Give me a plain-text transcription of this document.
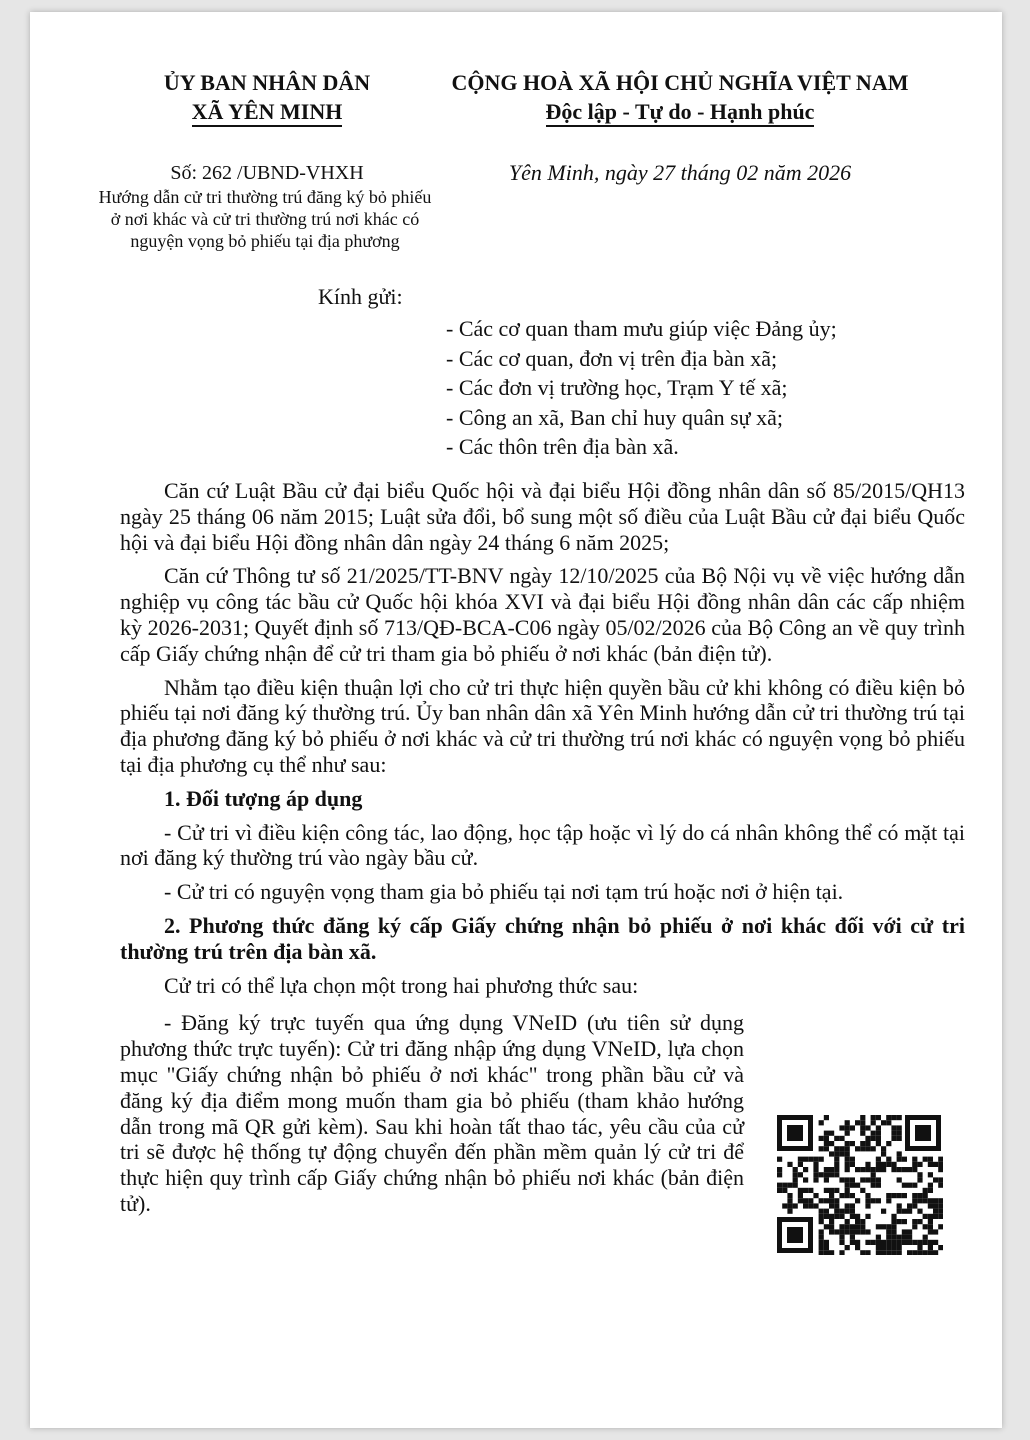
ỦY BAN NHÂN DÂN
XÃ YÊN MINH
CỘNG HOÀ XÃ HỘI CHỦ NGHĨA VIỆT NAM
Độc lập - Tự do - Hạnh phúc
Số: 262 /UBND-VHXH
Hướng dẫn cử tri thường trú đăng ký bỏ phiếu
ở nơi khác và cử tri thường trú nơi khác có
nguyện vọng bỏ phiếu tại địa phương
Yên Minh, ngày 27 tháng 02 năm 2026
Kính gửi:
- Các cơ quan tham mưu giúp việc Đảng ủy;
- Các cơ quan, đơn vị trên địa bàn xã;
- Các đơn vị trường học, Trạm Y tế xã;
- Công an xã, Ban chỉ huy quân sự xã;
- Các thôn trên địa bàn xã.

Căn cứ Luật Bầu cử đại biểu Quốc hội và đại biểu Hội đồng nhân dân số 85/2015/QH13 ngày 25 tháng 06 năm 2015; Luật sửa đổi, bổ sung một số điều của Luật Bầu cử đại biểu Quốc hội và đại biểu Hội đồng nhân dân ngày 24 tháng 6 năm 2025;

Căn cứ Thông tư số 21/2025/TT-BNV ngày 12/10/2025 của Bộ Nội vụ về việc hướng dẫn nghiệp vụ công tác bầu cử Quốc hội khóa XVI và đại biểu Hội đồng nhân dân các cấp nhiệm kỳ 2026-2031; Quyết định số 713/QĐ-BCA-C06 ngày 05/02/2026 của Bộ Công an về quy trình cấp Giấy chứng nhận để cử tri tham gia bỏ phiếu ở nơi khác (bản điện tử).

Nhằm tạo điều kiện thuận lợi cho cử tri thực hiện quyền bầu cử khi không có điều kiện bỏ phiếu tại nơi đăng ký thường trú. Ủy ban nhân dân xã Yên Minh hướng dẫn cử tri thường trú tại địa phương đăng ký bỏ phiếu ở nơi khác và cử tri thường trú nơi khác có nguyện vọng bỏ phiếu tại địa phương cụ thể như sau:

1. Đối tượng áp dụng

- Cử tri vì điều kiện công tác, lao động, học tập hoặc vì lý do cá nhân không thể có mặt tại nơi đăng ký thường trú vào ngày bầu cử.

- Cử tri có nguyện vọng tham gia bỏ phiếu tại nơi tạm trú hoặc nơi ở hiện tại.

2. Phương thức đăng ký cấp Giấy chứng nhận bỏ phiếu ở nơi khác đối với cử tri thường trú trên địa bàn xã.

Cử tri có thể lựa chọn một trong hai phương thức sau:

- Đăng ký trực tuyến qua ứng dụng VNeID (ưu tiên sử dụng phương thức trực tuyến): Cử tri đăng nhập ứng dụng VNeID, lựa chọn mục "Giấy chứng nhận bỏ phiếu ở nơi khác" trong phần bầu cử và đăng ký địa điểm mong muốn tham gia bỏ phiếu (tham khảo hướng dẫn trong mã QR gửi kèm). Sau khi hoàn tất thao tác, yêu cầu của cử tri sẽ được hệ thống tự động chuyển đến phần mềm quản lý cử tri để thực hiện quy trình cấp Giấy chứng nhận bỏ phiếu nơi khác (bản điện tử).
